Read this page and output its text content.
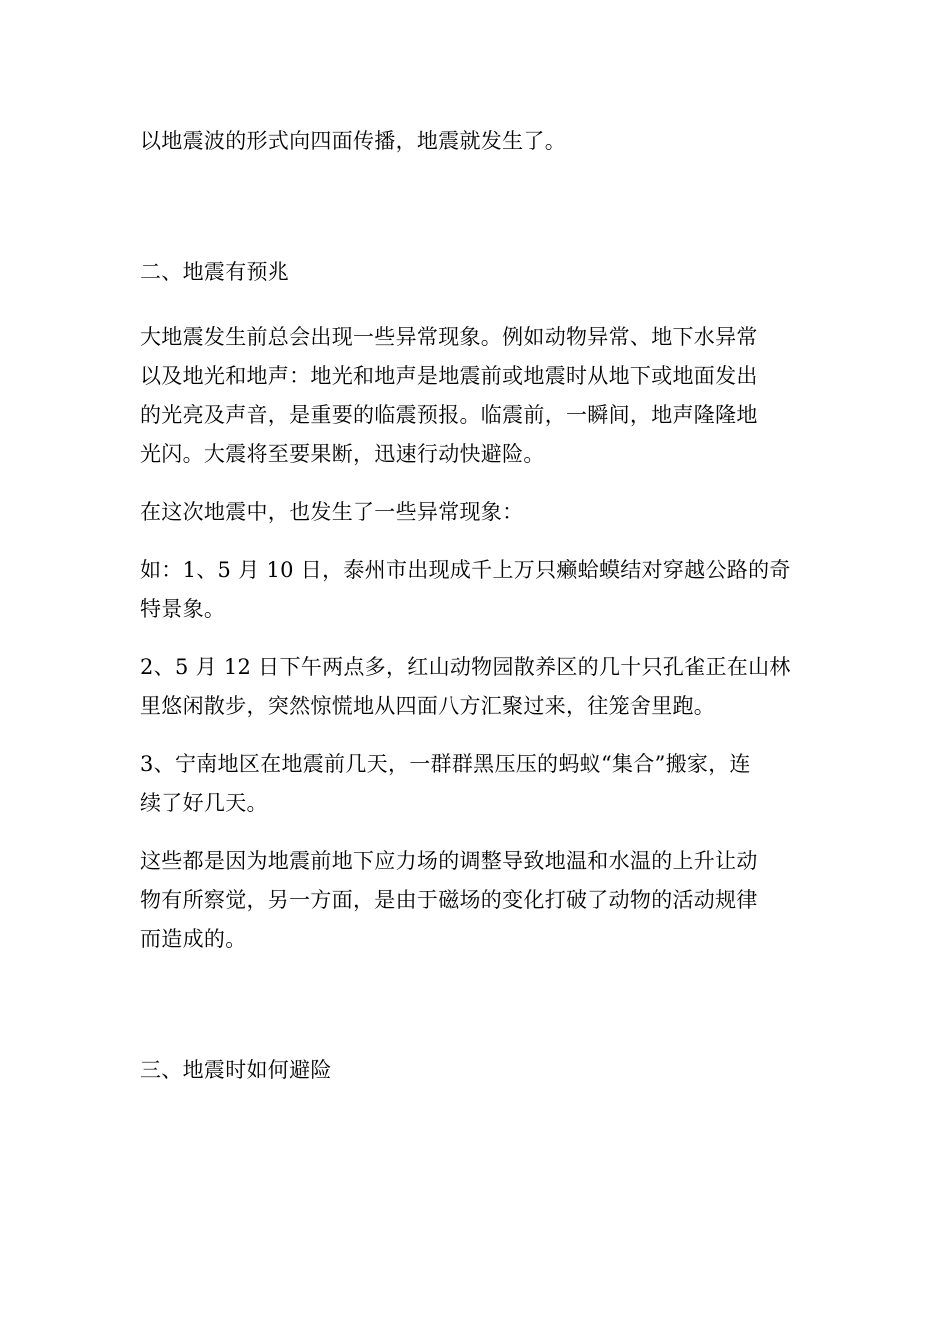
以地震波的形式向四面传播，地震就发生了。
二、地震有预兆
大地震发生前总会出现一些异常现象。例如动物异常、地下水异常
以及地光和地声：地光和地声是地震前或地震时从地下或地面发出
的光亮及声音，是重要的临震预报。临震前，一瞬间，地声隆隆地
光闪。大震将至要果断，迅速行动快避险。
在这次地震中，也发生了一些异常现象：
如：1、5 月 10 日，泰州市出现成千上万只癞蛤蟆结对穿越公路的奇
特景象。
2、5 月 12 日下午两点多，红山动物园散养区的几十只孔雀正在山林
里悠闲散步，突然惊慌地从四面八方汇聚过来，往笼舍里跑。
3、宁南地区在地震前几天，一群群黑压压的蚂蚁“集合”搬家，连
续了好几天。
这些都是因为地震前地下应力场的调整导致地温和水温的上升让动
物有所察觉，另一方面，是由于磁场的变化打破了动物的活动规律
而造成的。
三、地震时如何避险
